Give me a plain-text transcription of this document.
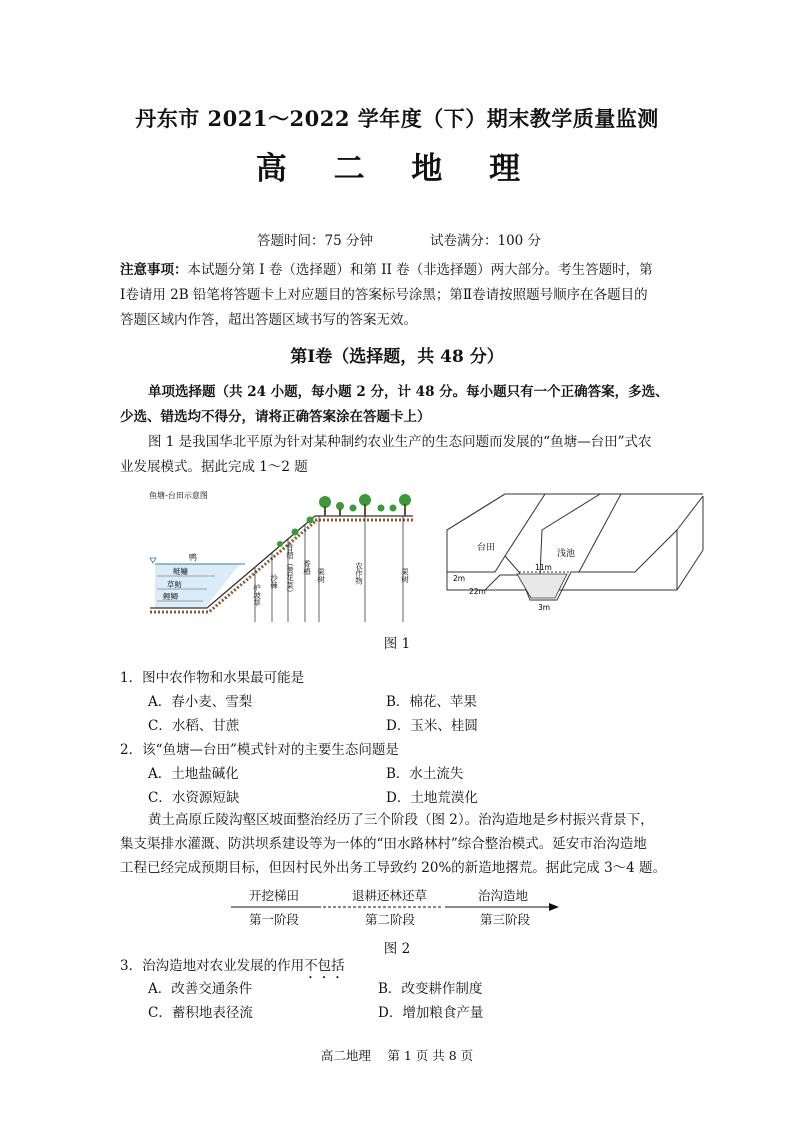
丹东市 2021～2022 学年度（下）期末教学质量监测
高 二 地 理
答题时间：75 分钟	试卷满分：100 分
注意事项：本试题分第 I 卷（选择题）和第 II 卷（非选择题）两大部分。考生答题时，第
Ⅰ卷请用 2B 铅笔将答题卡上对应题目的答案标号涂黑；第Ⅱ卷请按照题号顺序在各题目的
答题区域内作答，超出答题区域书写的答案无效。
第Ⅰ卷（选择题，共 48 分）
单项选择题（共 24 小题，每小题 2 分，计 48 分。每小题只有一个正确答案，多选、
少选、错选均不得分，请将正确答案涂在答题卡上）
图 1 是我国华北平原为针对某种制约农业生产的生态问题而发展的“鱼塘—台田”式农
业发展模式。据此完成 1～2 题
鱼塘-台田示意图
鸭
鲢鳙
草鲂
鲤鲫	护坡草
沙棘 苜蓿（黄花菜） 香椿
果树	农作物	果树
台田
浅池
2m
22m
11m
3m
图 1
1．图中农作物和水果最可能是
A．春小麦、雪梨	B．棉花、苹果
C．水稻、甘蔗	D．玉米、桂圆
2．该“鱼塘—台田”模式针对的主要生态问题是
A．土地盐碱化	B．水土流失
C．水资源短缺	D．土地荒漠化
黄土高原丘陵沟壑区坡面整治经历了三个阶段（图 2）。治沟造地是乡村振兴背景下，
集支渠排水灌溉、防洪坝系建设等为一体的“田水路林村”综合整治模式。延安市治沟造地
工程已经完成预期目标，但因村民外出务工导致约 20%的新造地撂荒。据此完成 3～4 题。
开挖梯田	退耕还林还草	治沟造地
第一阶段	第二阶段	第三阶段
图 2
3．治沟造地对农业发展的作用不包括
A．改善交通条件	B．改变耕作制度
C．蓄积地表径流	D．增加粮食产量
高二地理　 第 1 页 共 8 页
